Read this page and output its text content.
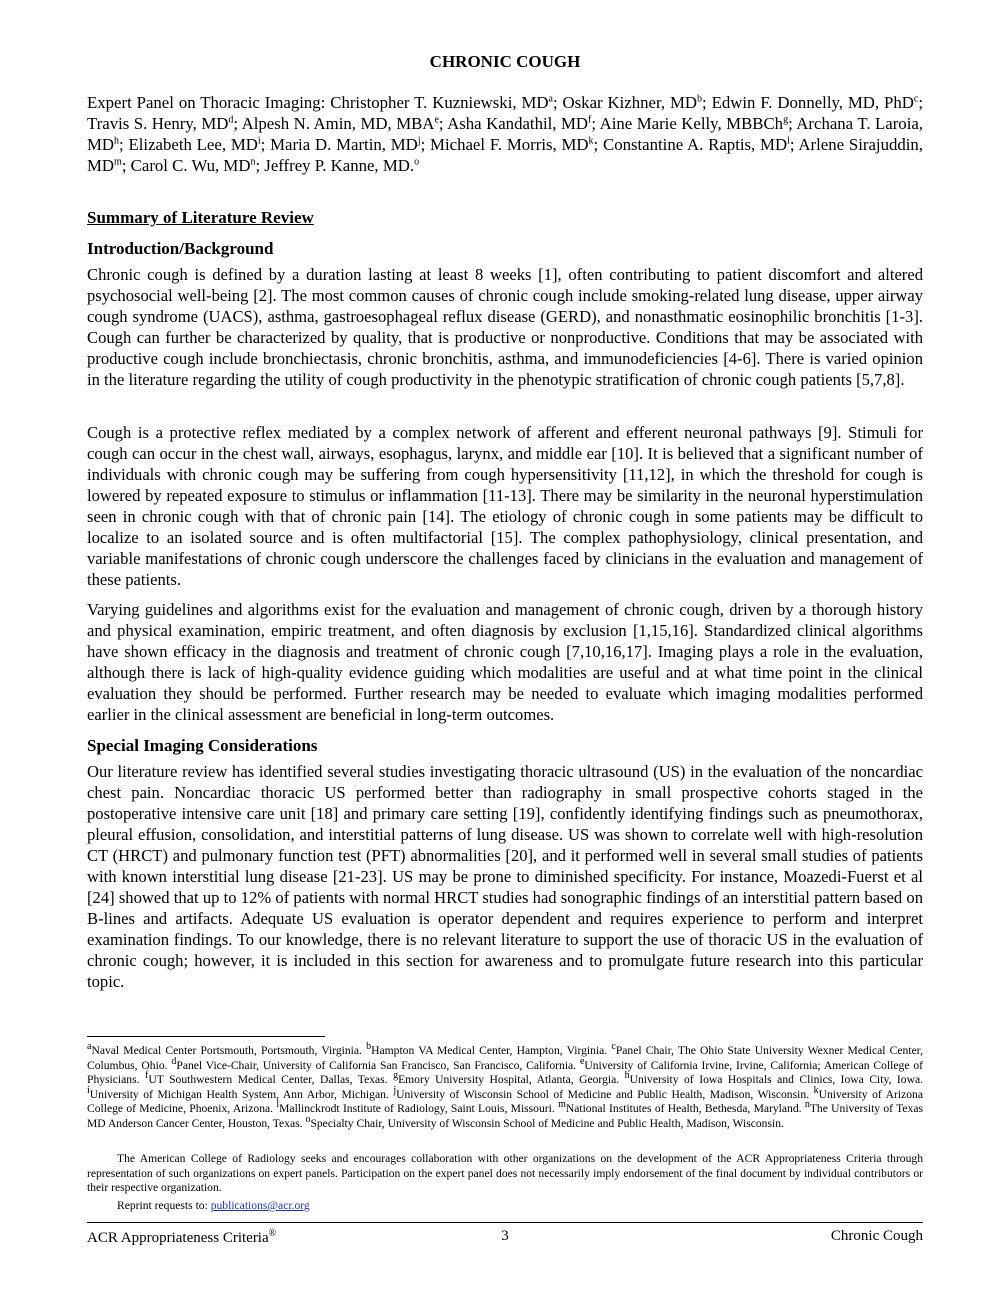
CHRONIC COUGH
Expert Panel on Thoracic Imaging: Christopher T. Kuzniewski, $MD^a$; Oskar Kizhner, $MD^b$; Edwin F. Donnelly, MD, PhD$^c$; Travis S. Henry, $MD^d$; Alpesh N. Amin, MD, MBA$^e$; Asha Kandathil, $MD^f$; Aine Marie Kelly, MBBCh$^g$; Archana T. Laroia, $MD^h$; Elizabeth Lee, $MD^i$; Maria D. Martin, $MD^j$; Michael F. Morris, $MD^k$; Constantine A. Raptis, $MD^l$; Arlene Sirajuddin, $MD^m$; Carol C. Wu, $MD^n$; Jeffrey P. Kanne, MD.$^o$
Summary of Literature Review
Introduction/Background

Chronic cough is defined by a duration lasting at least 8 weeks [1], often contributing to patient discomfort and altered psychosocial well-being [2]. The most common causes of chronic cough include smoking-related lung disease, upper airway cough syndrome (UACS), asthma, gastroesophageal reflux disease (GERD), and nonasthmatic eosinophilic bronchitis [1-3]. Cough can further be characterized by quality, that is productive or nonproductive. Conditions that may be associated with productive cough include bronchiectasis, chronic bronchitis, asthma, and immunodeficiencies [4-6]. There is varied opinion in the literature regarding the utility of cough productivity in the phenotypic stratification of chronic cough patients [5,7,8].

Cough is a protective reflex mediated by a complex network of afferent and efferent neuronal pathways [9]. Stimuli for cough can occur in the chest wall, airways, esophagus, larynx, and middle ear [10]. It is believed that a significant number of individuals with chronic cough may be suffering from cough hypersensitivity [11,12], in which the threshold for cough is lowered by repeated exposure to stimulus or inflammation [11-13]. There may be similarity in the neuronal hyperstimulation seen in chronic cough with that of chronic pain [14]. The etiology of chronic cough in some patients may be difficult to localize to an isolated source and is often multifactorial [15]. The complex pathophysiology, clinical presentation, and variable manifestations of chronic cough underscore the challenges faced by clinicians in the evaluation and management of these patients.

Varying guidelines and algorithms exist for the evaluation and management of chronic cough, driven by a thorough history and physical examination, empiric treatment, and often diagnosis by exclusion [1,15,16]. Standardized clinical algorithms have shown efficacy in the diagnosis and treatment of chronic cough [7,10,16,17]. Imaging plays a role in the evaluation, although there is lack of high-quality evidence guiding which modalities are useful and at what time point in the clinical evaluation they should be performed. Further research may be needed to evaluate which imaging modalities performed earlier in the clinical assessment are beneficial in long-term outcomes.

Special Imaging Considerations

Our literature review has identified several studies investigating thoracic ultrasound (US) in the evaluation of the noncardiac chest pain. Noncardiac thoracic US performed better than radiography in small prospective cohorts staged in the postoperative intensive care unit [18] and primary care setting [19], confidently identifying findings such as pneumothorax, pleural effusion, consolidation, and interstitial patterns of lung disease. US was shown to correlate well with high-resolution CT (HRCT) and pulmonary function test (PFT) abnormalities [20], and it performed well in several small studies of patients with known interstitial lung disease [21-23]. US may be prone to diminished specificity. For instance, Moazedi-Fuerst et al [24] showed that up to 12% of patients with normal HRCT studies had sonographic findings of an interstitial pattern based on B-lines and artifacts. Adequate US evaluation is operator dependent and requires experience to perform and interpret examination findings. To our knowledge, there is no relevant literature to support the use of thoracic US in the evaluation of chronic cough; however, it is included in this section for awareness and to promulgate future research into this particular topic.

$^a$Naval Medical Center Portsmouth, Portsmouth, Virginia. $^b$Hampton VA Medical Center, Hampton, Virginia. $^c$Panel Chair, The Ohio State University Wexner Medical Center, Columbus, Ohio. $^d$Panel Vice-Chair, University of California San Francisco, San Francisco, California. $^e$University of California Irvine, Irvine, California; American College of Physicians. $^f$UT Southwestern Medical Center, Dallas, Texas. $^g$Emory University Hospital, Atlanta, Georgia. $^h$University of Iowa Hospitals and Clinics, Iowa City, Iowa. $^i$University of Michigan Health System, Ann Arbor, Michigan. $^j$University of Wisconsin School of Medicine and Public Health, Madison, Wisconsin. $^k$University of Arizona College of Medicine, Phoenix, Arizona. $^l$Mallinckrodt Institute of Radiology, Saint Louis, Missouri. $^m$National Institutes of Health, Bethesda, Maryland. $^n$The University of Texas MD Anderson Cancer Center, Houston, Texas. $^o$Specialty Chair, University of Wisconsin School of Medicine and Public Health, Madison, Wisconsin.

The American College of Radiology seeks and encourages collaboration with other organizations on the development of the ACR Appropriateness Criteria through representation of such organizations on expert panels. Participation on the expert panel does not necessarily imply endorsement of the final document by individual contributors or their respective organization.

Reprint requests to: publications@acr.org

ACR Appropriateness Criteria®	3	Chronic Cough
